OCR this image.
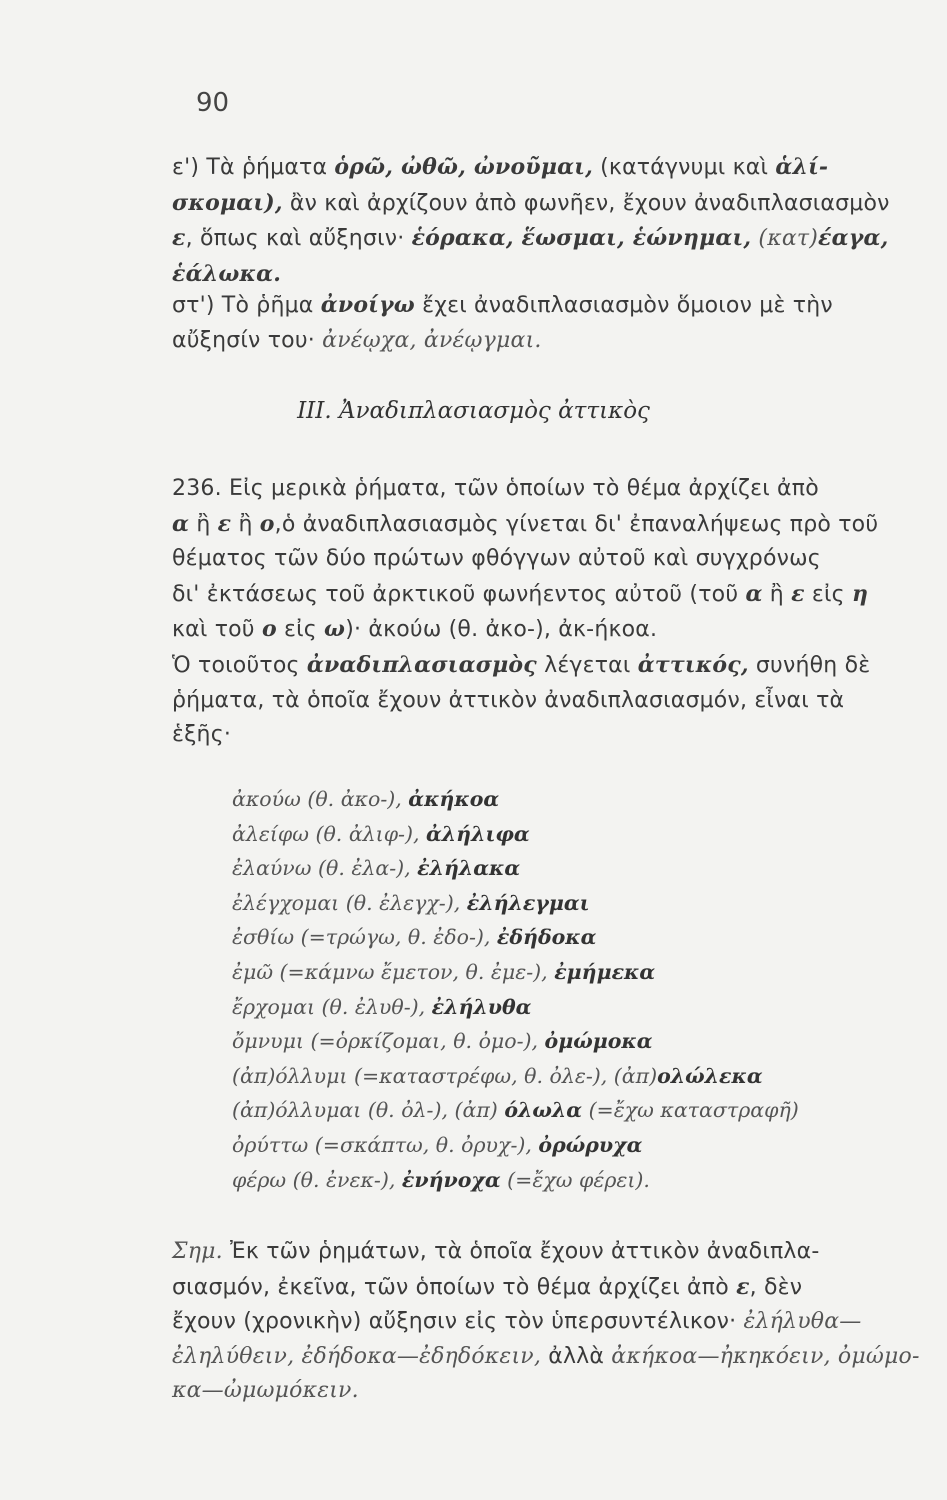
90

ε') Τὰ ῥήματα ὁρῶ, ὠθῶ, ὠνοῦμαι, (κατάγνυμι καὶ ἁλί-
σκομαι), ἂν καὶ ἀρχίζουν ἀπὸ φωνῆεν, ἔχουν ἀναδιπλασιασμὸν
ε, ὅπως καὶ αὔξησιν· ἑόρακα, ἕωσμαι, ἑώνημαι, (κατ)έαγα,
ἑάλωκα.

στ') Τὸ ῥῆμα ἀνοίγω ἔχει ἀναδιπλασιασμὸν ὅμοιον μὲ τὴν
αὔξησίν του· ἀνέῳχα, ἀνέῳγμαι.

ΙΙΙ. Ἀναδιπλασιασμὸς ἀττικὸς

236. Εἰς μερικὰ ῥήματα, τῶν ὁποίων τὸ θέμα ἀρχίζει ἀπὸ
α ἢ ε ἢ ο,ὁ ἀναδιπλασιασμὸς γίνεται δι' ἐπαναλήψεως πρὸ τοῦ
θέματος τῶν δύο πρώτων φθόγγων αὐτοῦ καὶ συγχρόνως
δι' ἐκτάσεως τοῦ ἀρκτικοῦ φωνήεντος αὐτοῦ (τοῦ α ἢ ε εἰς η
καὶ τοῦ ο εἰς ω)· ἀκούω (θ. ἀκο-), ἀκ-ήκοα.

Ὁ τοιοῦτος ἀναδιπλασιασμὸς λέγεται ἀττικός, συνήθη δὲ
ῥήματα, τὰ ὁποῖα ἔχουν ἀττικὸν ἀναδιπλασιασμόν, εἶναι τὰ
ἑξῆς·

ἀκούω (θ. ἀκο-), ἀκήκοα
ἀλείφω (θ. ἀλιφ-), ἀλήλιφα
ἐλαύνω (θ. ἐλα-), ἐλήλακα
ἐλέγχομαι (θ. ἐλεγχ-), ἐλήλεγμαι
ἐσθίω (=τρώγω, θ. ἐδο-), ἐδήδοκα
ἐμῶ (=κάμνω ἔμετον, θ. ἐμε-), ἐμήμεκα
ἔρχομαι (θ. ἐλυθ-), ἐλήλυθα
ὄμνυμι (=ὁρκίζομαι, θ. ὀμο-), ὀμώμοκα
(ἀπ)όλλυμι (=καταστρέφω, θ. ὀλε-), (ἀπ)ολώλεκα
(ἀπ)όλλυμαι (θ. ὀλ-), (ἀπ) όλωλα (=ἔχω καταστραφῆ)
ὀρύττω (=σκάπτω, θ. ὀρυχ-), ὀρώρυχα
φέρω (θ. ἐνεκ-), ἐνήνοχα (=ἔχω φέρει).

Σημ. Ἐκ τῶν ῥημάτων, τὰ ὁποῖα ἔχουν ἀττικὸν ἀναδιπλα-
σιασμόν, ἐκεῖνα, τῶν ὁποίων τὸ θέμα ἀρχίζει ἀπὸ ε, δὲν
ἔχουν (χρονικὴν) αὔξησιν εἰς τὸν ὑπερσυντέλικον· ἐλήλυθα—
ἐληλύθειν, ἐδήδοκα—ἐδηδόκειν, ἀλλὰ ἀκήκοα—ἠκηκόειν, ὀμώμο-
κα—ὠμωμόκειν.
